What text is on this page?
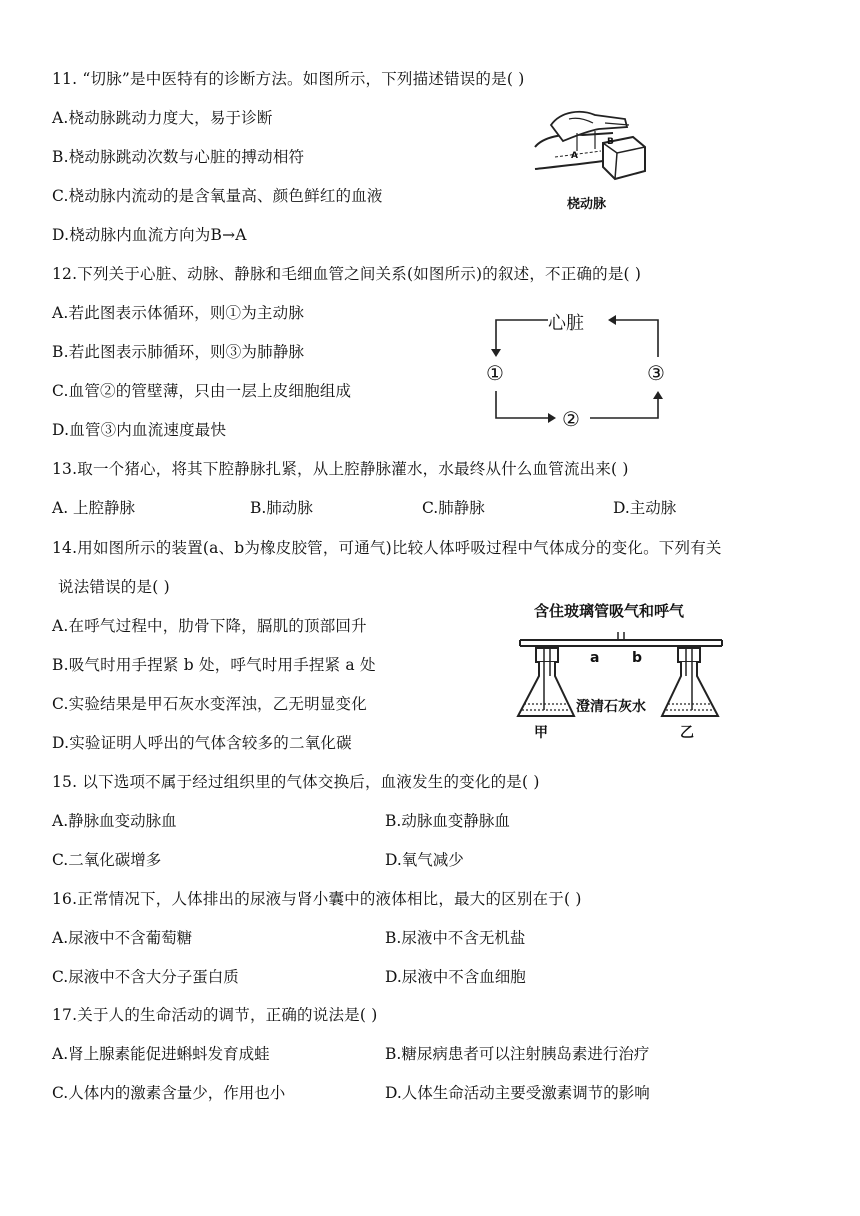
11. “切脉”是中医特有的诊断方法。如图所示，下列描述错误的是( )
A.桡动脉跳动力度大，易于诊断
B.桡动脉跳动次数与心脏的搏动相符
C.桡动脉内流动的是含氧量高、颜色鲜红的血液
D.桡动脉内血流方向为B→A
A
B
桡动脉
12.下列关于心脏、动脉、静脉和毛细血管之间关系(如图所示)的叙述，不正确的是( )
A.若此图表示体循环，则①为主动脉
B.若此图表示肺循环，则③为肺静脉
C.血管②的管壁薄，只由一层上皮细胞组成
D.血管③内血流速度最快
心脏
①
②
③
13.取一个猪心，将其下腔静脉扎紧，从上腔静脉灌水，水最终从什么血管流出来( )
A. 上腔静脉	B.肺动脉	C.肺静脉	D.主动脉
14.用如图所示的装置(a、b为橡皮胶管，可通气)比较人体呼吸过程中气体成分的变化。下列有关
说法错误的是( )
A.在呼气过程中，肋骨下降，膈肌的顶部回升
B.吸气时用手捏紧 b 处，呼气时用手捏紧 a 处
C.实验结果是甲石灰水变浑浊，乙无明显变化
D.实验证明人呼出的气体含较多的二氧化碳
含住玻璃管吸气和呼气
a b
澄清石灰水
甲	乙
15. 以下选项不属于经过组织里的气体交换后，血液发生的变化的是( )
A.静脉血变动脉血	B.动脉血变静脉血
C.二氧化碳增多	D.氧气减少
16.正常情况下，人体排出的尿液与肾小囊中的液体相比，最大的区别在于( )
A.尿液中不含葡萄糖	B.尿液中不含无机盐
C.尿液中不含大分子蛋白质	D.尿液中不含血细胞
17.关于人的生命活动的调节，正确的说法是( )
A.肾上腺素能促进蝌蚪发育成蛙	B.糖尿病患者可以注射胰岛素进行治疗
C.人体内的激素含量少，作用也小	D.人体生命活动主要受激素调节的影响
